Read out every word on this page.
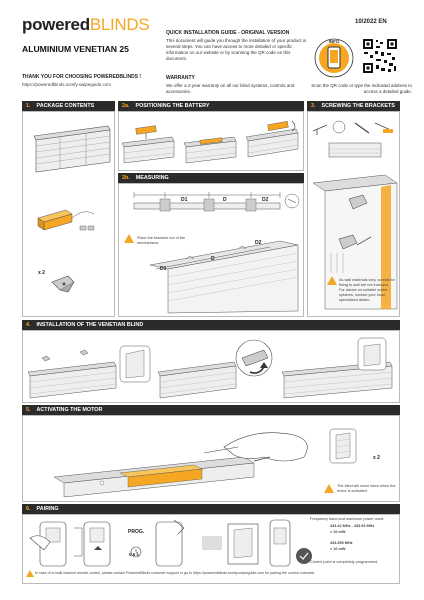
poweredBLINDS
ALUMINIUM VENETIAN 25
THANK YOU FOR CHOOSING POWEREDBLINDS !
https://poweredblinds.somfy.swipeguide.com
QUICK INSTALLATION GUIDE - ORIGINAL VERSION
This document will guide you through the installation of your product in several steps. You can have access to more detailed or specific information on our website or by scanning the QR code on this document.
WARRANTY
We offer a 2-year warranty on all our blind systems, controls and accessories.
10/2022 EN
INFO
Scan the QR code or type the indicated address to access a detailed guide.
1. PACKAGE CONTENTS	2a. POSITIONING THE BATTERY	3. SCREWING THE BRACKETS
2b. MEASURING
4. INSTALLATION OF THE VENETIAN BLIND
5. ACTIVATING THE MOTOR
6. PAIRING
x 2
D1	D	D2
Place the brackets out of the mechanisms.
D1
D
D2
As wall materials vary, screws for fixing to wall are not included. For advice on suitable screw systems, contact your local specialized dealer.
x 2
The blind will move twice when the motor is activated.
PROG.
0.5 s
Frequency band and maximum power used:
433.42 MHz - 433.92 MHz
< 10 mW
434.555 MHz
< 10 mW
Control point is completely programmed.
In case of a multi-channel remote control, please contact PoweredBlinds customer support or go to https://poweredblinds.somfy.swipeguide.com for pairing the control channels.
